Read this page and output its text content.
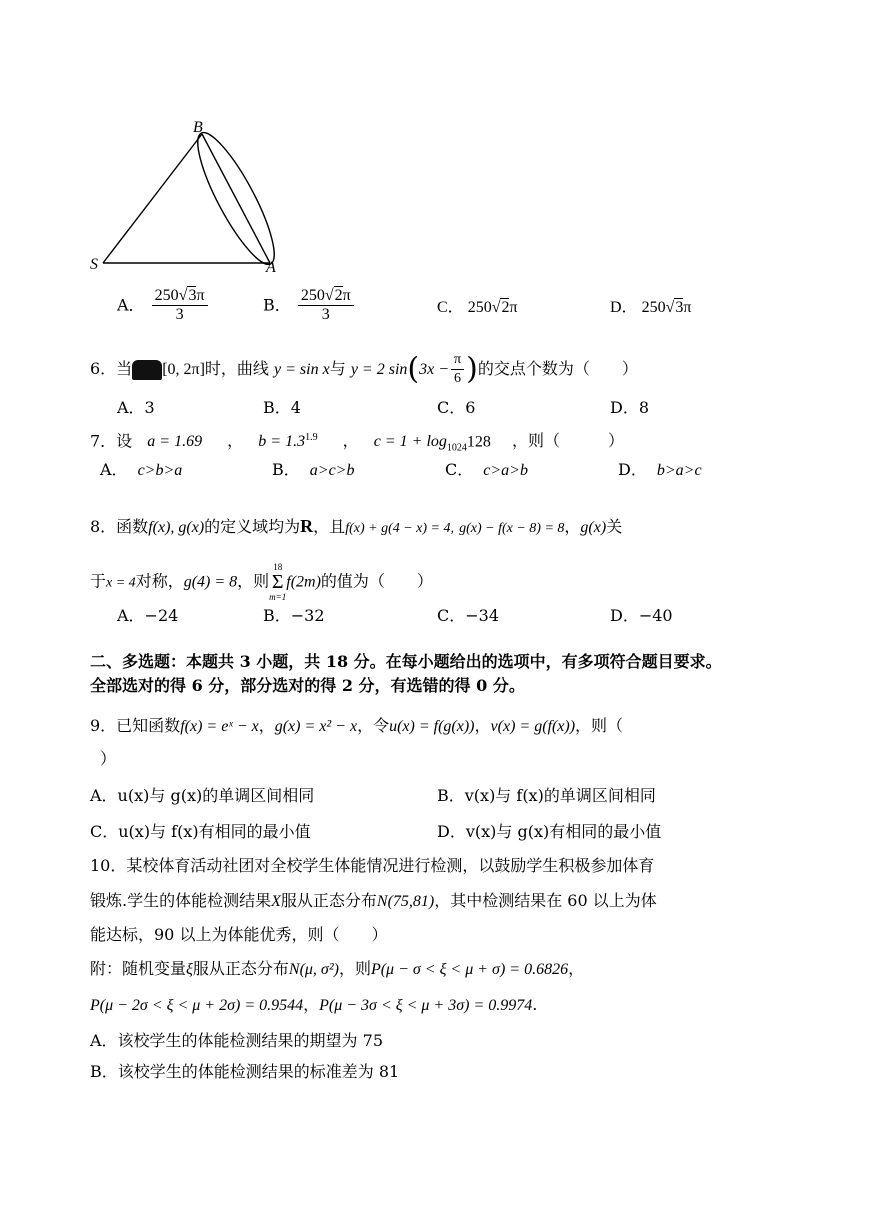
B
S	A
A． $\frac{250√3\pi}{3}$	B． $\frac{250√2\pi}{3}$	C． 250√2π	D． 250√3π
6．当 [0, 2π]时，曲线 y = sin x与 y = 2 $\sin(3x - \frac{\pi}{6}$ )的交点个数为（　　）
A．3	B．4	C．6	D．8
7．设 a = 1.69 ， $b = 1.3^{1.9}$ ， $c = 1 + \log_{1024}128$ ，则（　　　）
A． c>b>a	B． a>c>b	C． c>a>b	D． b>a>c
8．函数f(x), g(x)的定义域均为R，且f(x) + g(4 − x) = 4, g(x) − f(x − 8) = 8，g(x)关
于x = 4对称，g(4) = 8，则18
Σ
m=1f(2m)的值为（　　）
A．−24	B．−32	C．−34	D．−40
二、多选题：本题共 3 小题，共 18 分。在每小题给出的选项中，有多项符合题目要求。
全部选对的得 6 分，部分选对的得 2 分，有选错的得 0 分。
9．已知函数f(x) = eˣ − x，g(x) = x² − x，令u(x) = f(g(x))，v(x) = g(f(x))，则（
）
A．u(x)与 g(x)的单调区间相同	B．v(x)与 f(x)的单调区间相同
C．u(x)与 f(x)有相同的最小值	D．v(x)与 g(x)有相同的最小值
10．某校体育活动社团对全校学生体能情况进行检测，以鼓励学生积极参加体育
锻炼.学生的体能检测结果X服从正态分布N(75,81)，其中检测结果在 60 以上为体
能达标，90 以上为体能优秀，则（　　）
附：随机变量ξ服从正态分布N(μ, σ²)，则P(μ − σ < ξ < μ + σ) = 0.6826，
P(μ − 2σ < ξ < μ + 2σ) = 0.9544，P(μ − 3σ < ξ < μ + 3σ) = 0.9974.
A．该校学生的体能检测结果的期望为 75
B．该校学生的体能检测结果的标准差为 81
